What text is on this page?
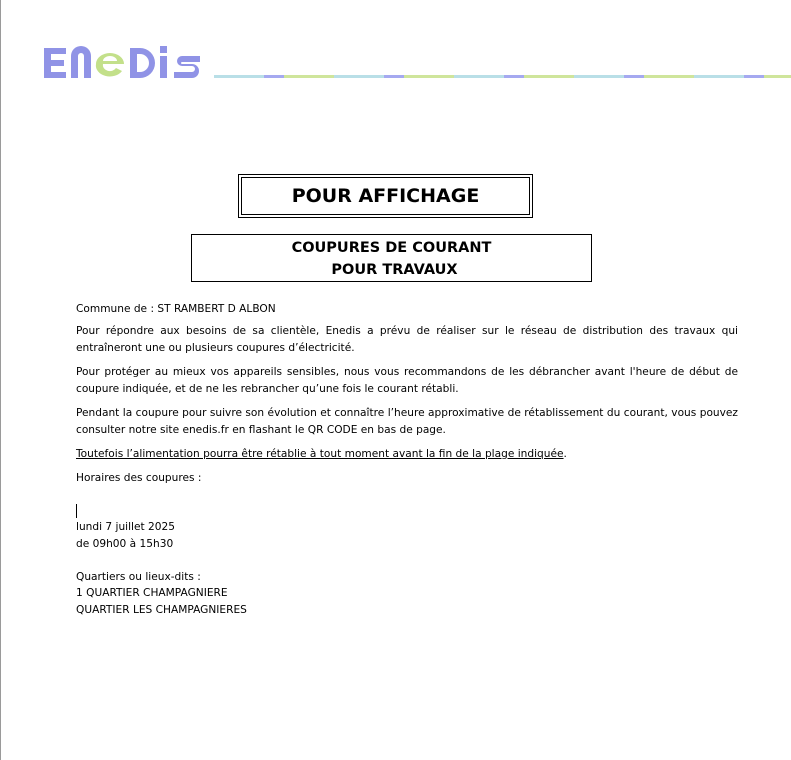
POUR AFFICHAGE
COUPURES DE COURANT
POUR TRAVAUX
Commune de : ST RAMBERT D ALBON
Pour répondre aux besoins de sa clientèle, Enedis a prévu de réaliser sur le réseau de distribution des travaux qui entraîneront une ou plusieurs coupures d’électricité.
Pour protéger au mieux vos appareils sensibles, nous vous recommandons de les débrancher avant l'heure de début de coupure indiquée, et de ne les rebrancher qu’une fois le courant rétabli.
Pendant la coupure pour suivre son évolution et connaître l’heure approximative de rétablissement du courant, vous pouvez consulter notre site enedis.fr en flashant le QR CODE en bas de page.
Toutefois l’alimentation pourra être rétablie à tout moment avant la fin de la plage indiquée.
Horaires des coupures :
lundi 7 juillet 2025
de 09h00 à 15h30
Quartiers ou lieux-dits :
1 QUARTIER CHAMPAGNIERE
QUARTIER LES CHAMPAGNIERES
